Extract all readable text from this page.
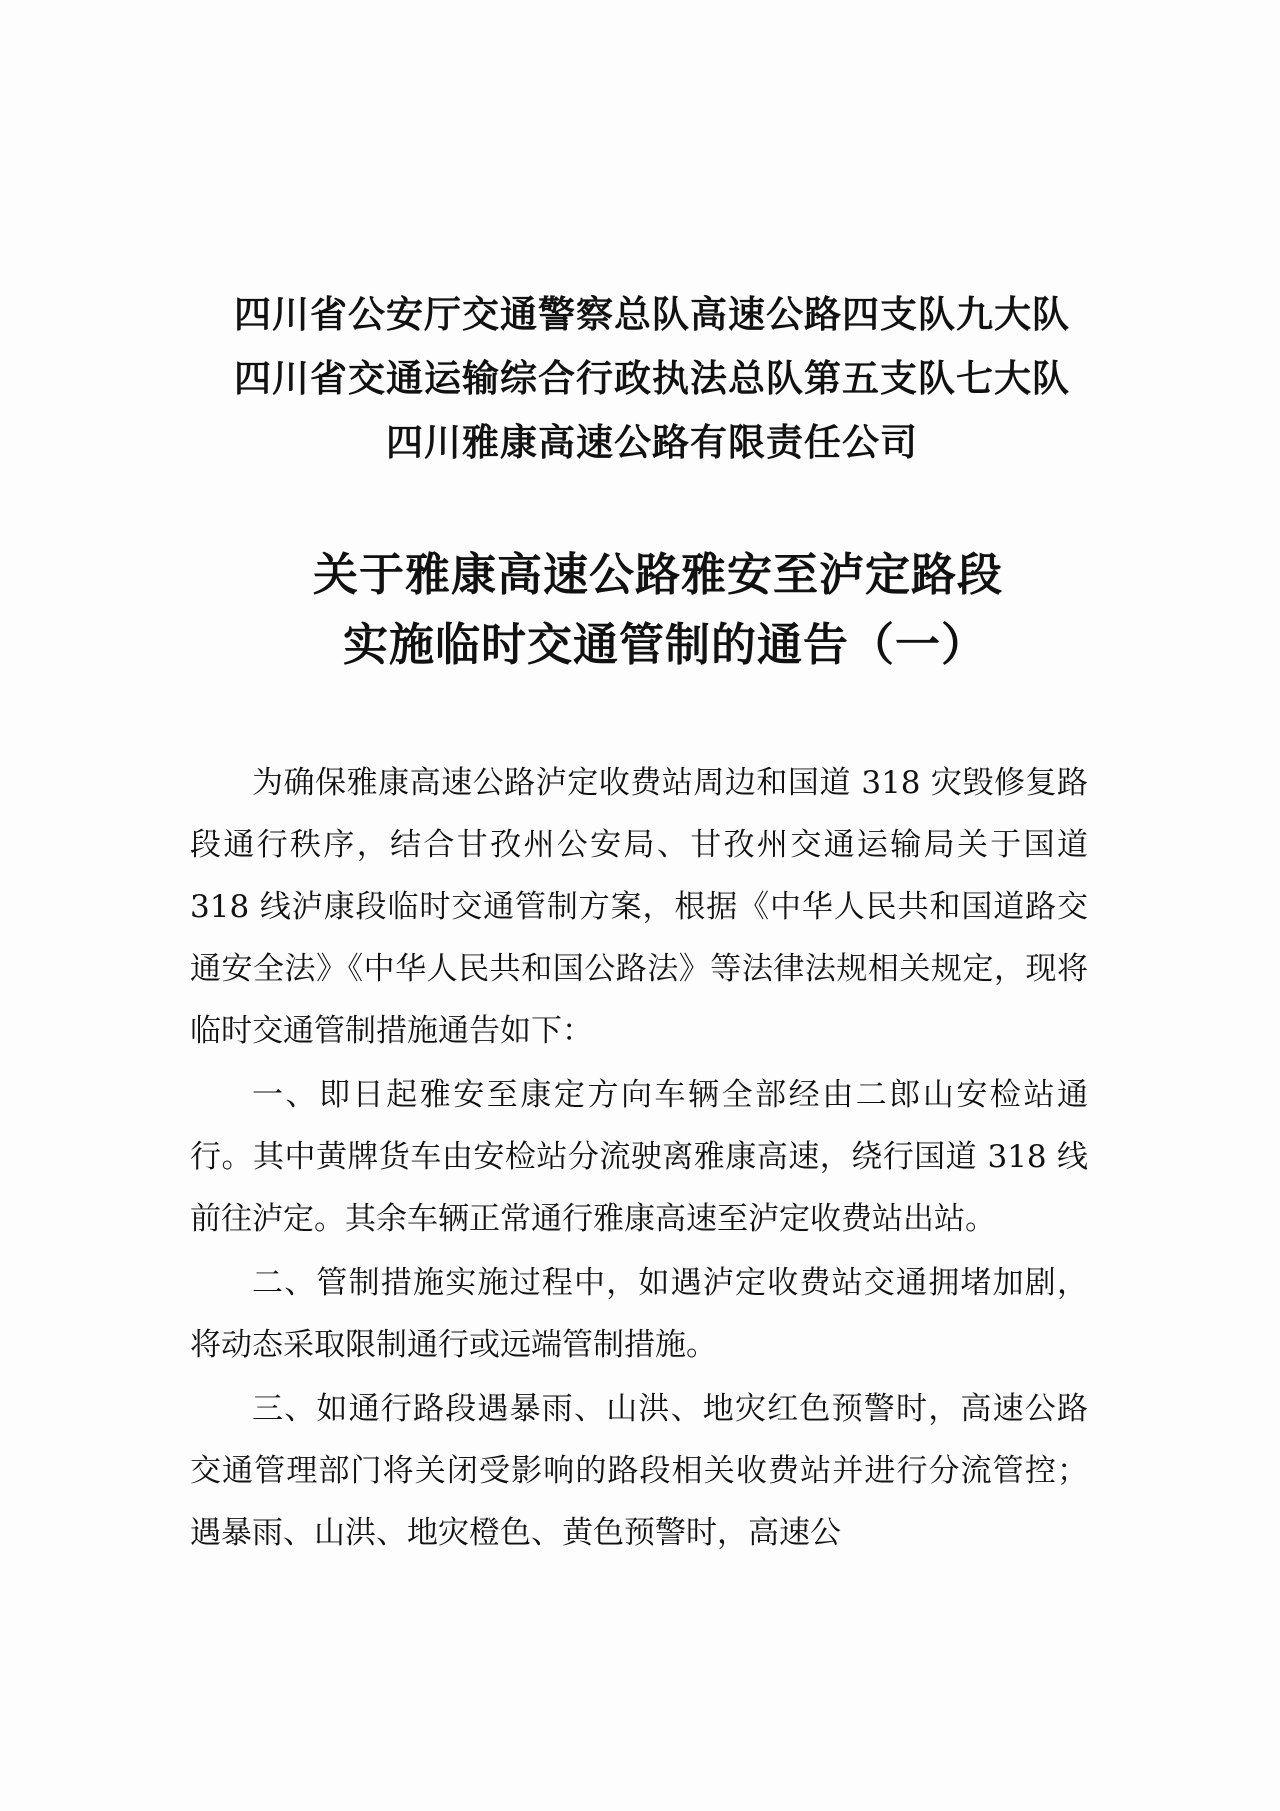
四川省公安厅交通警察总队高速公路四支队九大队
四川省交通运输综合行政执法总队第五支队七大队
四川雅康高速公路有限责任公司
关于雅康高速公路雅安至泸定路段
实施临时交通管制的通告（一）

为确保雅康高速公路泸定收费站周边和国道 318 灾毁修复路段通行秩序，结合甘孜州公安局、甘孜州交通运输局关于国道 318 线泸康段临时交通管制方案，根据《中华人民共和国道路交通安全法》《中华人民共和国公路法》等法律法规相关规定，现将临时交通管制措施通告如下：

一、即日起雅安至康定方向车辆全部经由二郎山安检站通行。其中黄牌货车由安检站分流驶离雅康高速，绕行国道 318 线前往泸定。其余车辆正常通行雅康高速至泸定收费站出站。

二、管制措施实施过程中，如遇泸定收费站交通拥堵加剧，将动态采取限制通行或远端管制措施。

三、如通行路段遇暴雨、山洪、地灾红色预警时，高速公路交通管理部门将关闭受影响的路段相关收费站并进行分流管控；遇暴雨、山洪、地灾橙色、黄色预警时，高速公
